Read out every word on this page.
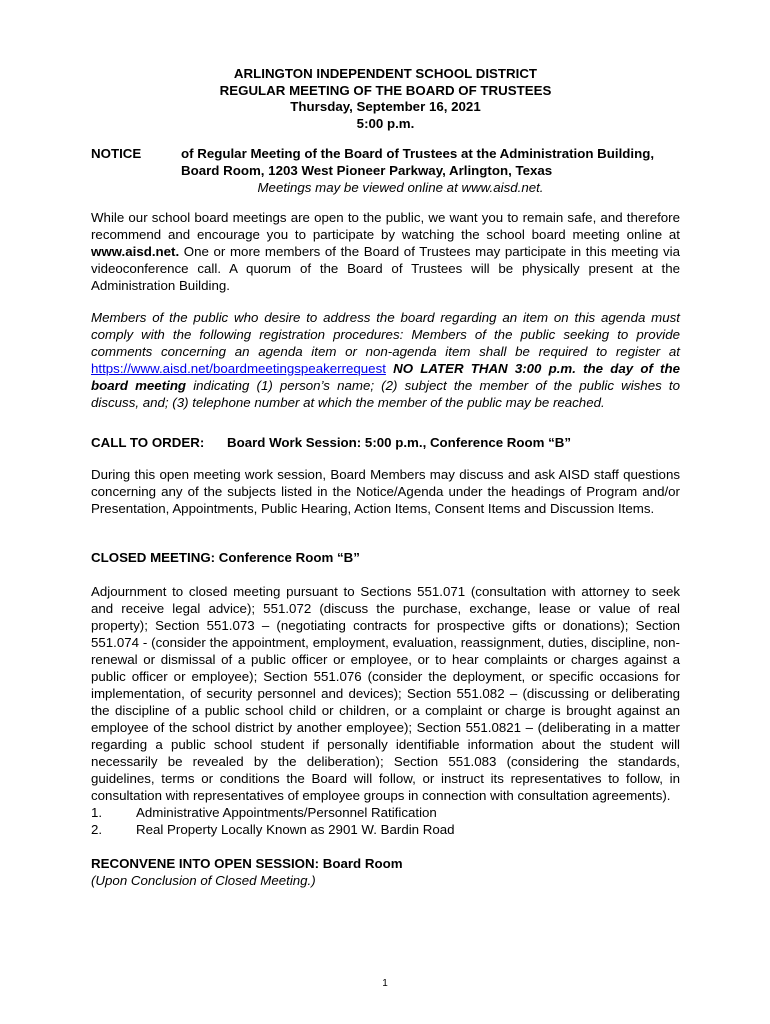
ARLINGTON INDEPENDENT SCHOOL DISTRICT
REGULAR MEETING OF THE BOARD OF TRUSTEES
Thursday, September 16, 2021
5:00 p.m.
NOTICE	of Regular Meeting of the Board of Trustees at the Administration Building,
Board Room, 1203 West Pioneer Parkway, Arlington, Texas
Meetings may be viewed online at www.aisd.net.

While our school board meetings are open to the public, we want you to remain safe, and therefore recommend and encourage you to participate by watching the school board meeting online at www.aisd.net. One or more members of the Board of Trustees may participate in this meeting via videoconference call. A quorum of the Board of Trustees will be physically present at the Administration Building.

Members of the public who desire to address the board regarding an item on this agenda must comply with the following registration procedures: Members of the public seeking to provide comments concerning an agenda item or non-agenda item shall be required to register at https://www.aisd.net/boardmeetingspeakerrequest NO LATER THAN 3:00 p.m. the day of the board meeting indicating (1) person’s name; (2) subject the member of the public wishes to discuss, and; (3) telephone number at which the member of the public may be reached.

CALL TO ORDER:	Board Work Session: 5:00 p.m., Conference Room “B”

During this open meeting work session, Board Members may discuss and ask AISD staff questions concerning any of the subjects listed in the Notice/Agenda under the headings of Program and/or Presentation, Appointments, Public Hearing, Action Items, Consent Items and Discussion Items.

CLOSED MEETING: Conference Room “B”

Adjournment to closed meeting pursuant to Sections 551.071 (consultation with attorney to seek and receive legal advice); 551.072 (discuss the purchase, exchange, lease or value of real property); Section 551.073 – (negotiating contracts for prospective gifts or donations); Section 551.074 - (consider the appointment, employment, evaluation, reassignment, duties, discipline, non-renewal or dismissal of a public officer or employee, or to hear complaints or charges against a public officer or employee); Section 551.076 (consider the deployment, or specific occasions for implementation, of security personnel and devices); Section 551.082 – (discussing or deliberating the discipline of a public school child or children, or a complaint or charge is brought against an employee of the school district by another employee); Section 551.0821 – (deliberating in a matter regarding a public school student if personally identifiable information about the student will necessarily be revealed by the deliberation); Section 551.083 (considering the standards, guidelines, terms or conditions the Board will follow, or instruct its representatives to follow, in consultation with representatives of employee groups in connection with consultation agreements).

1.	Administrative Appointments/Personnel Ratification
2.	Real Property Locally Known as 2901 W. Bardin Road
RECONVENE INTO OPEN SESSION: Board Room
(Upon Conclusion of Closed Meeting.)
1
